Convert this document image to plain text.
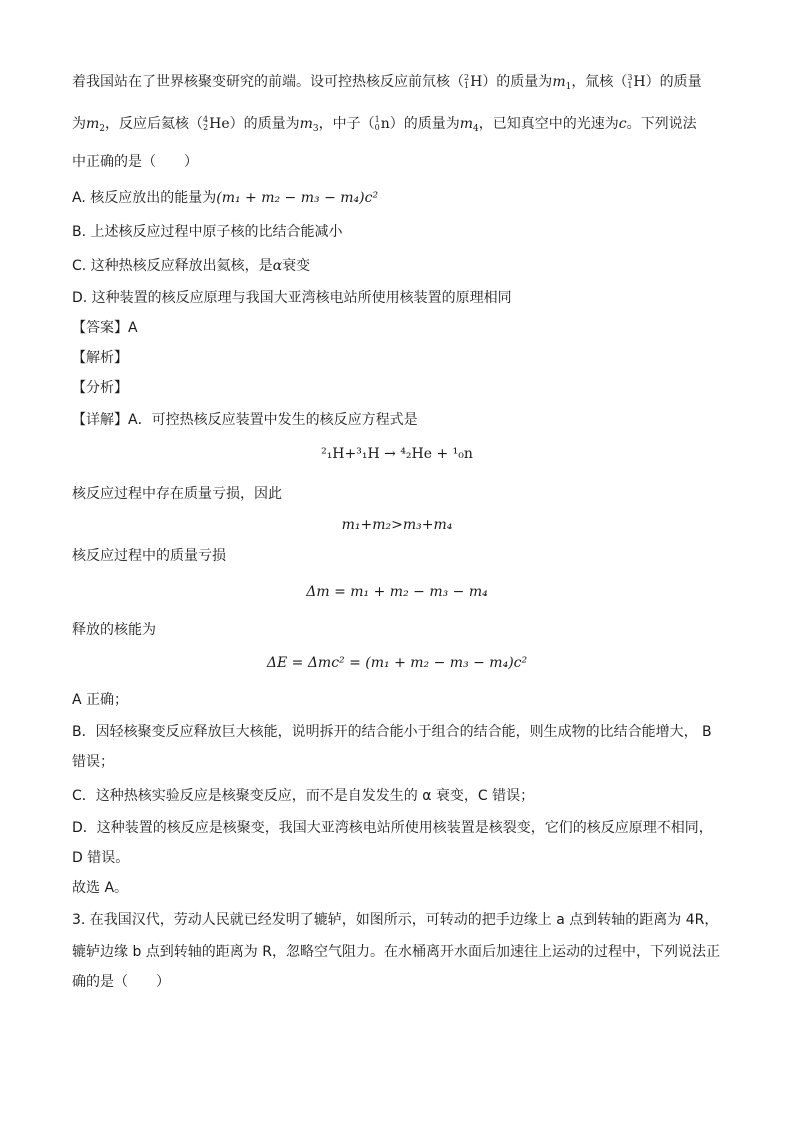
着我国站在了世界核聚变研究的前端。设可控热核反应前氘核（ 2
1 H）的质量为$m_1$，氚核（ 3
1 H）的质量
为$m_2$，反应后氦核（ 4
2 He）的质量为$m_3$，中子（ 1
0 n）的质量为$m_4$，已知真空中的光速为c。下列说法
中正确的是（　　）
A. 核反应放出的能量为(m₁ + m₂ − m₃ − m₄)c²
B. 上述核反应过程中原子核的比结合能减小
C. 这种热核反应释放出氦核，是α衰变
D. 这种装置的核反应原理与我国大亚湾核电站所使用核装置的原理相同
【答案】A
【解析】
【分析】
【详解】A．可控热核反应装置中发生的核反应方程式是
²₁H+³₁H → ⁴₂He + ¹₀n
核反应过程中存在质量亏损，因此
m₁+m₂>m₃+m₄
核反应过程中的质量亏损
Δm = m₁ + m₂ − m₃ − m₄
释放的核能为
ΔE = Δmc² = (m₁ + m₂ − m₃ − m₄)c²
A 正确；
B．因轻核聚变反应释放巨大核能，说明拆开的结合能小于组合的结合能，则生成物的比结合能增大， B
错误；
C．这种热核实验反应是核聚变反应，而不是自发发生的 α 衰变，C 错误；
D．这种装置的核反应是核聚变，我国大亚湾核电站所使用核装置是核裂变，它们的核反应原理不相同，
D 错误。
故选 A。
3. 在我国汉代，劳动人民就已经发明了辘轳，如图所示，可转动的把手边缘上 a 点到转轴的距离为 4R，
辘轳边缘 b 点到转轴的距离为 R，忽略空气阻力。在水桶离开水面后加速往上运动的过程中，下列说法正
确的是（　　）
